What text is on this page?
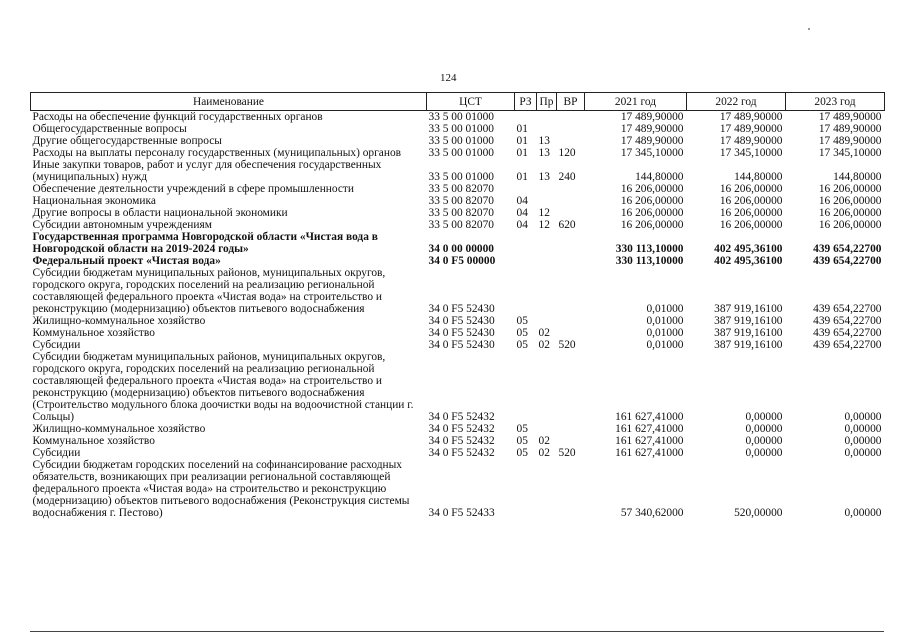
124
Наименование	ЦСТ	РЗ	Пр	ВР	2021 год	2022 год	2023 год
Расходы на обеспечение функций государственных органов	33 5 00 01000				17 489,90000	17 489,90000	17 489,90000
Общегосударственные вопросы	33 5 00 01000	01			17 489,90000	17 489,90000	17 489,90000
Другие общегосударственные вопросы	33 5 00 01000	01	13		17 489,90000	17 489,90000	17 489,90000
Расходы на выплаты персоналу государственных (муниципальных) органов	33 5 00 01000	01	13	120	17 345,10000	17 345,10000	17 345,10000
Иные закупки товаров, работ и услуг для обеспечения государственных (муниципальных) нужд	33 5 00 01000	01	13	240	144,80000	144,80000	144,80000
Обеспечение деятельности учреждений в сфере промышленности	33 5 00 82070				16 206,00000	16 206,00000	16 206,00000
Национальная экономика	33 5 00 82070	04			16 206,00000	16 206,00000	16 206,00000
Другие вопросы в области национальной экономики	33 5 00 82070	04	12		16 206,00000	16 206,00000	16 206,00000
Субсидии автономным учреждениям	33 5 00 82070	04	12	620	16 206,00000	16 206,00000	16 206,00000
Государственная программа Новгородской области «Чистая вода в Новгородской области на 2019-2024 годы»	34 0 00 00000				330 113,10000	402 495,36100	439 654,22700
Федеральный проект «Чистая вода»	34 0 F5 00000				330 113,10000	402 495,36100	439 654,22700
Субсидии бюджетам муниципальных районов, муниципальных округов, городского округа, городских поселений на реализацию региональной составляющей федерального проекта «Чистая вода» на строительство и реконструкцию (модернизацию) объектов питьевого водоснабжения	34 0 F5 52430				0,01000	387 919,16100	439 654,22700
Жилищно-коммунальное хозяйство	34 0 F5 52430	05			0,01000	387 919,16100	439 654,22700
Коммунальное хозяйство	34 0 F5 52430	05	02		0,01000	387 919,16100	439 654,22700
Субсидии	34 0 F5 52430	05	02	520	0,01000	387 919,16100	439 654,22700
Субсидии бюджетам муниципальных районов, муниципальных округов, городского округа, городских поселений на реализацию региональной составляющей федерального проекта «Чистая вода» на строительство и реконструкцию (модернизацию) объектов питьевого водоснабжения (Строительство модульного блока доочистки воды на водоочистной станции г. Сольцы)	34 0 F5 52432				161 627,41000	0,00000	0,00000
Жилищно-коммунальное хозяйство	34 0 F5 52432	05			161 627,41000	0,00000	0,00000
Коммунальное хозяйство	34 0 F5 52432	05	02		161 627,41000	0,00000	0,00000
Субсидии	34 0 F5 52432	05	02	520	161 627,41000	0,00000	0,00000
Субсидии бюджетам городских поселений на софинансирование расходных обязательств, возникающих при реализации региональной составляющей федерального проекта «Чистая вода» на строительство и реконструкцию (модернизацию) объектов питьевого водоснабжения (Реконструкция системы водоснабжения г. Пестово)	34 0 F5 52433				57 340,62000	520,00000	0,00000
